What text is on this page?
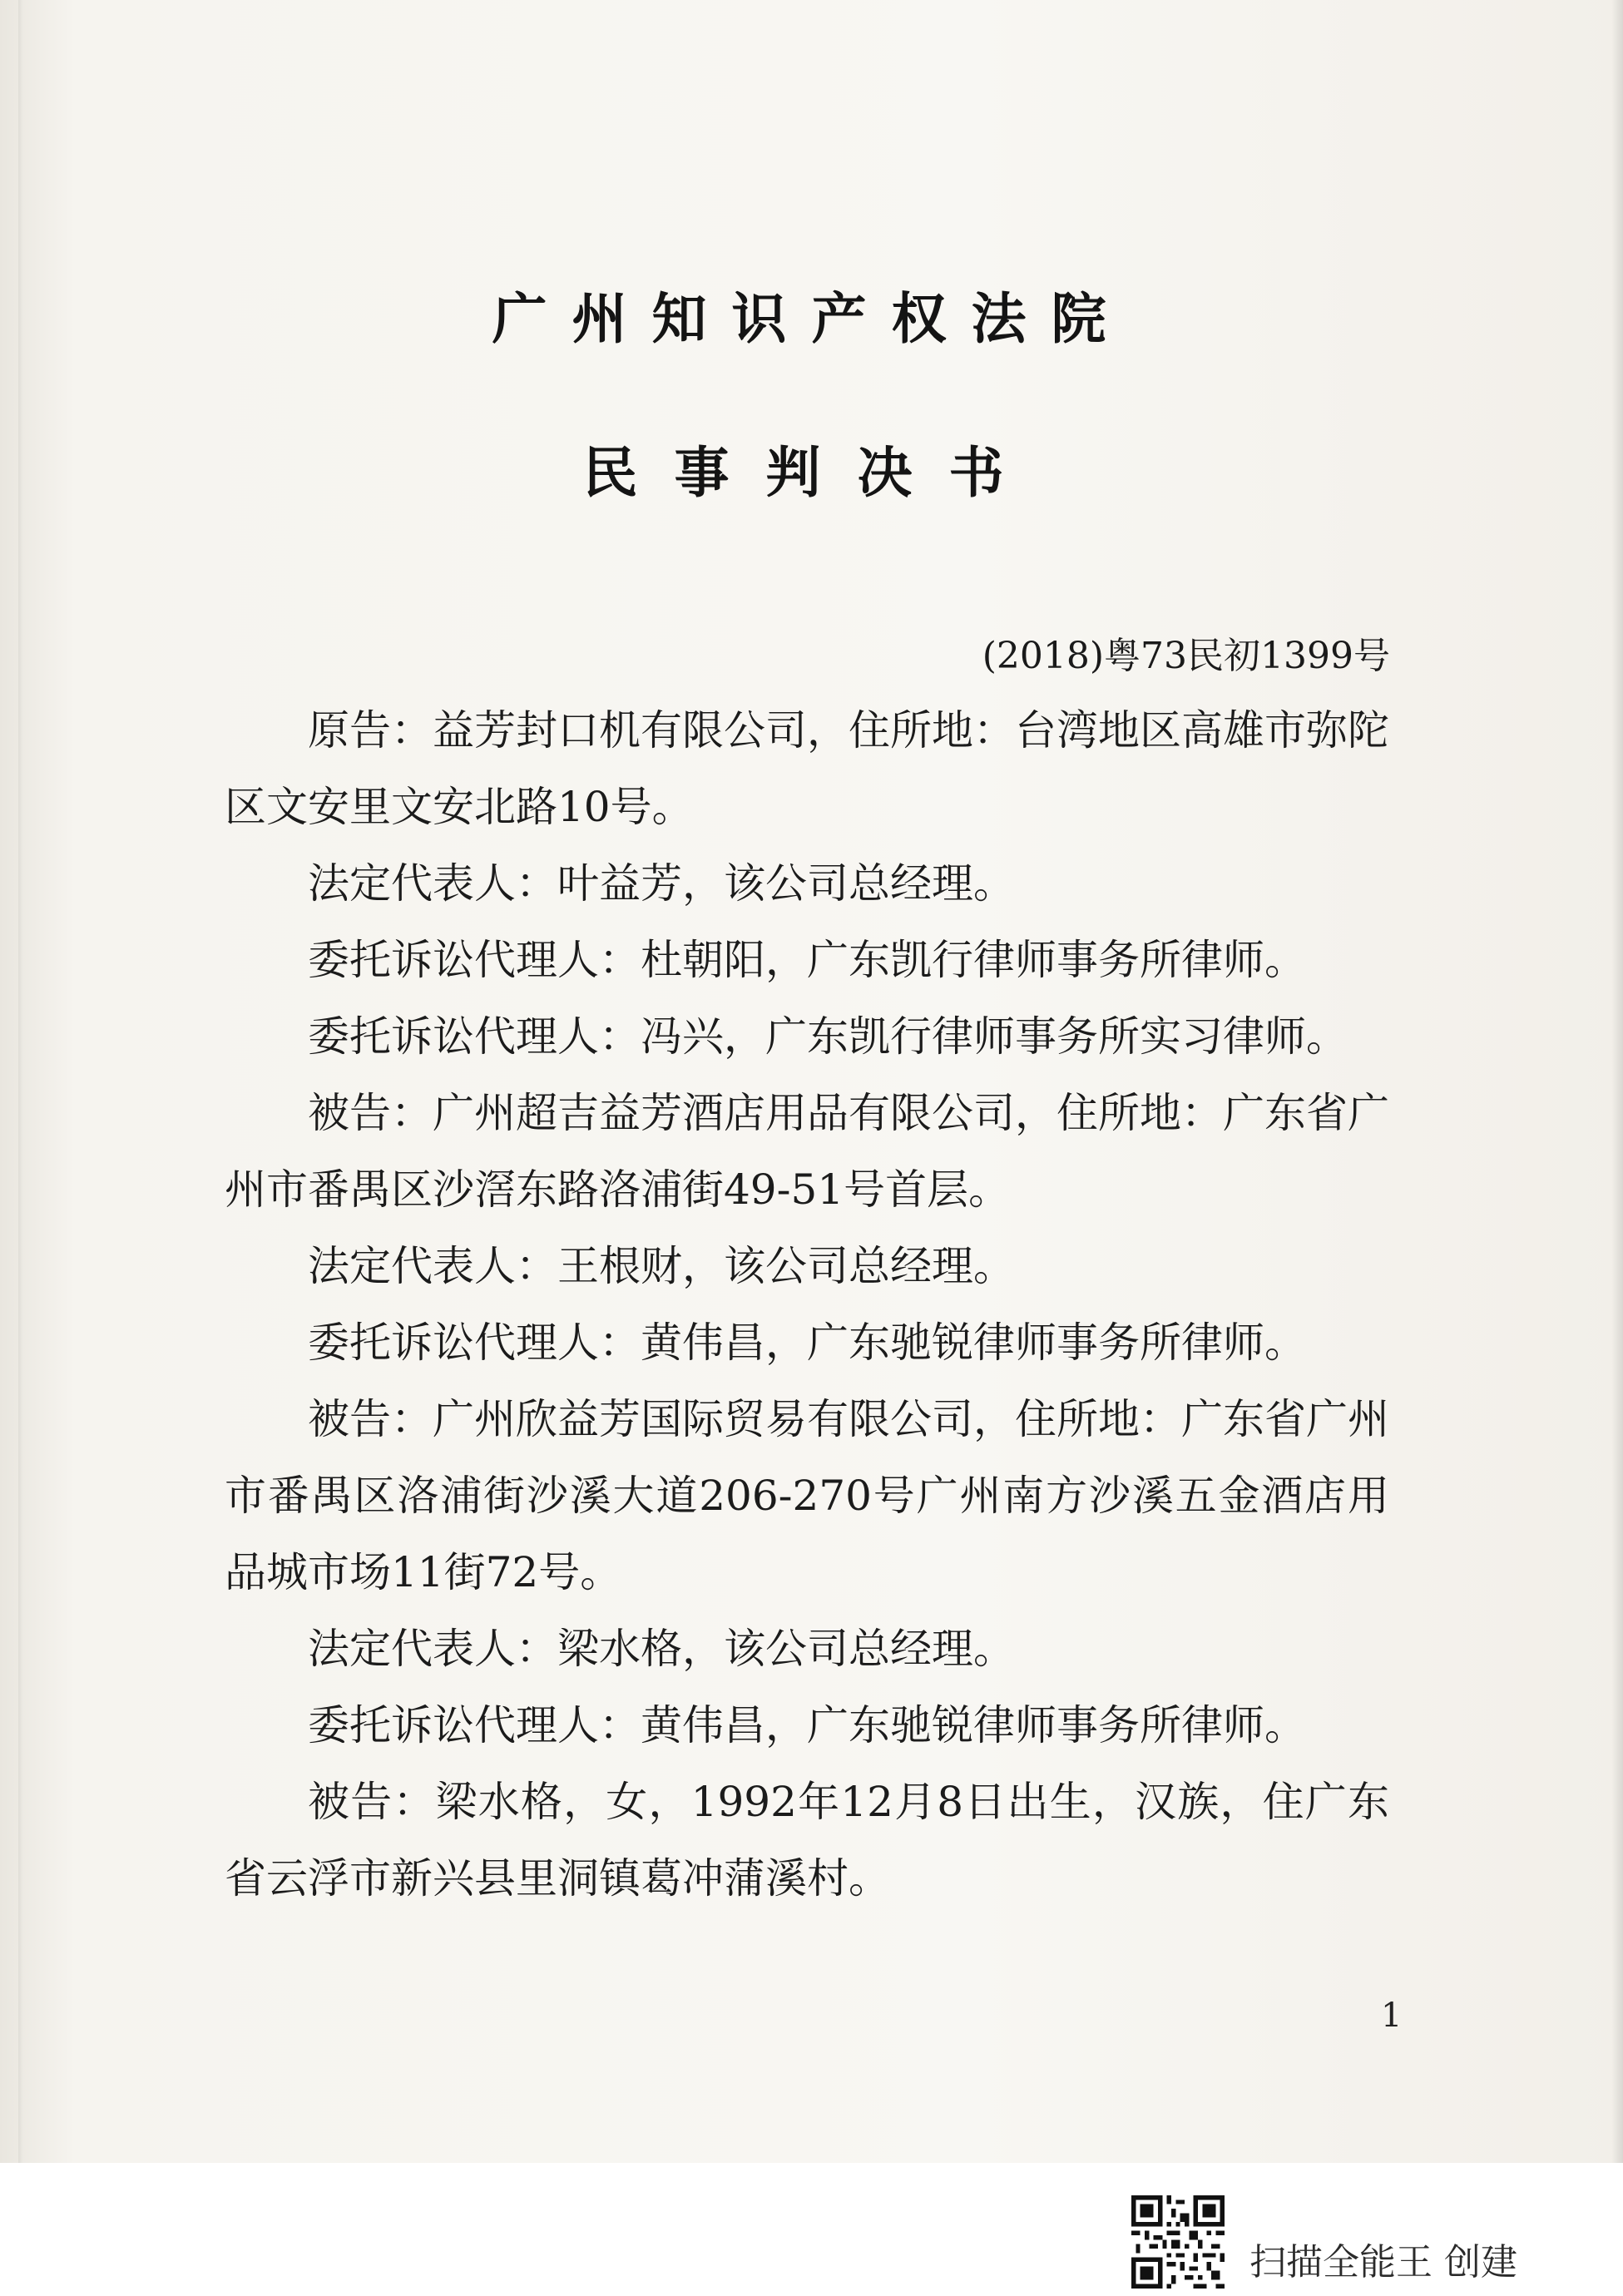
广州知识产权法院
民事判决书
(2018)粤73民初1399号

原告：益芳封口机有限公司，住所地：台湾地区高雄市弥陀区文安里文安北路10号。

法定代表人：叶益芳，该公司总经理。

委托诉讼代理人：杜朝阳，广东凯行律师事务所律师。

委托诉讼代理人：冯兴，广东凯行律师事务所实习律师。

被告：广州超吉益芳酒店用品有限公司，住所地：广东省广州市番禺区沙滘东路洛浦街49-51号首层。

法定代表人：王根财，该公司总经理。

委托诉讼代理人：黄伟昌，广东驰锐律师事务所律师。

被告：广州欣益芳国际贸易有限公司，住所地：广东省广州市番禺区洛浦街沙溪大道206-270号广州南方沙溪五金酒店用品城市场11街72号。

法定代表人：梁水格，该公司总经理。

委托诉讼代理人：黄伟昌，广东驰锐律师事务所律师。

被告：梁水格，女，1992年12月8日出生，汉族，住广东省云浮市新兴县里洞镇葛冲蒲溪村。

1
扫描全能王 创建
